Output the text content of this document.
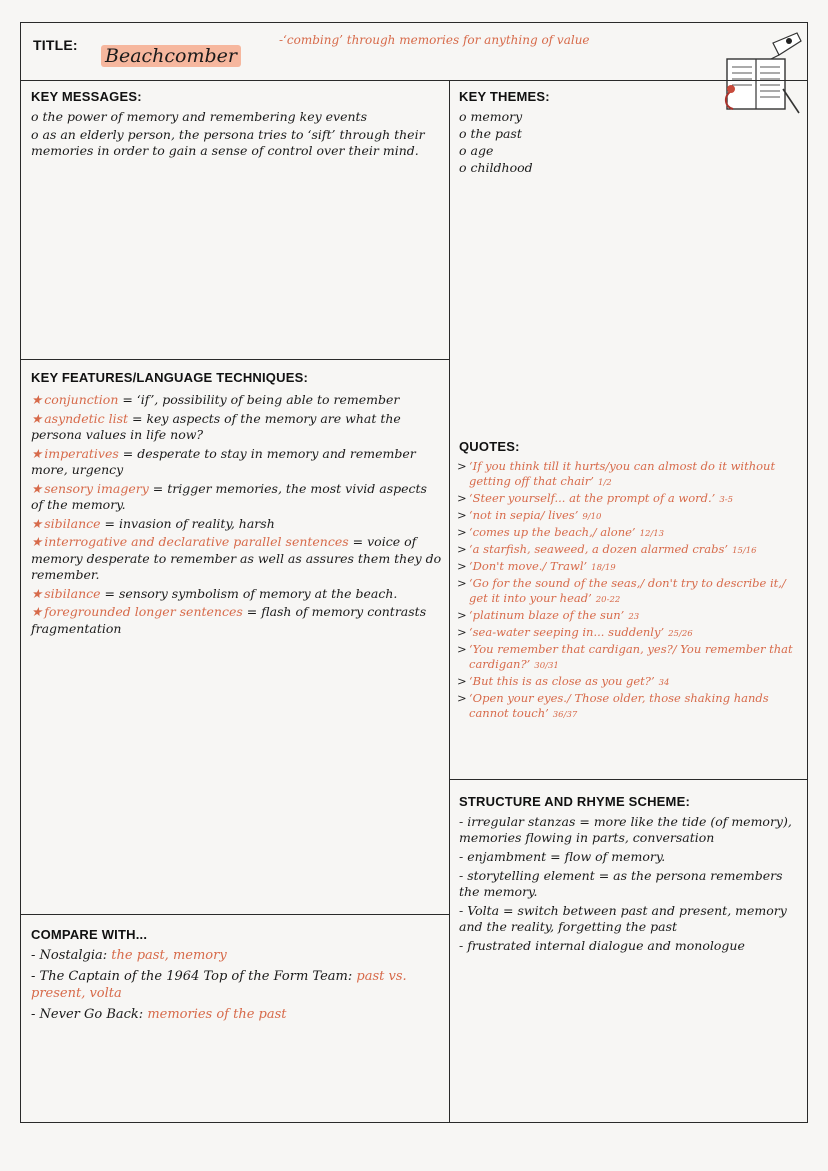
TITLE: Beachcomber
-‘combing’ through memories for anything of value
KEY MESSAGES:
o the power of memory and remembering key events
o as an elderly person, the persona tries to ‘sift’ through their memories in order to gain a sense of control over their mind.
KEY THEMES:
o memory
o the past
o age
o childhood
QUOTES:
> ‘If you think till it hurts/you can almost do it without getting off that chair’ 1/2
> ‘Steer yourself... at the prompt of a word.’ 3-5
> ‘not in sepia/ lives’ 9/10
> ‘comes up the beach,/ alone’ 12/13
> ‘a starfish, seaweed, a dozen alarmed crabs’ 15/16
> ‘Don't move./ Trawl’ 18/19
> ‘Go for the sound of the seas,/ don't try to describe it,/ get it into your head’ 20-22
> ‘platinum blaze of the sun’ 23
> ‘sea-water seeping in... suddenly’ 25/26
> ‘You remember that cardigan, yes?/ You remember that cardigan?’ 30/31
> ‘But this is as close as you get?’ 34
> ‘Open your eyes./ Those older, those shaking hands cannot touch’ 36/37
KEY FEATURES/LANGUAGE TECHNIQUES:
★ conjunction = ‘if’, possibility of being able to remember
★ asyndetic list = key aspects of the memory are what the persona values in life now?
★ imperatives = desperate to stay in memory and remember more, urgency
★ sensory imagery = trigger memories, the most vivid aspects of the memory.
★ sibilance = invasion of reality, harsh
★ interrogative and declarative parallel sentences = voice of memory desperate to remember as well as assures them they do remember.
★ sibilance = sensory symbolism of memory at the beach.
★ foregrounded longer sentences = flash of memory contrasts fragmentation
STRUCTURE AND RHYME SCHEME:
- irregular stanzas = more like the tide (of memory), memories flowing in parts, conversation
- enjambment = flow of memory.
- storytelling element = as the persona remembers the memory.
- Volta = switch between past and present, memory and the reality, forgetting the past
- frustrated internal dialogue and monologue
COMPARE WITH...
- Nostalgia: the past, memory
- The Captain of the 1964 Top of the Form Team: past vs. present, volta
- Never Go Back: memories of the past
